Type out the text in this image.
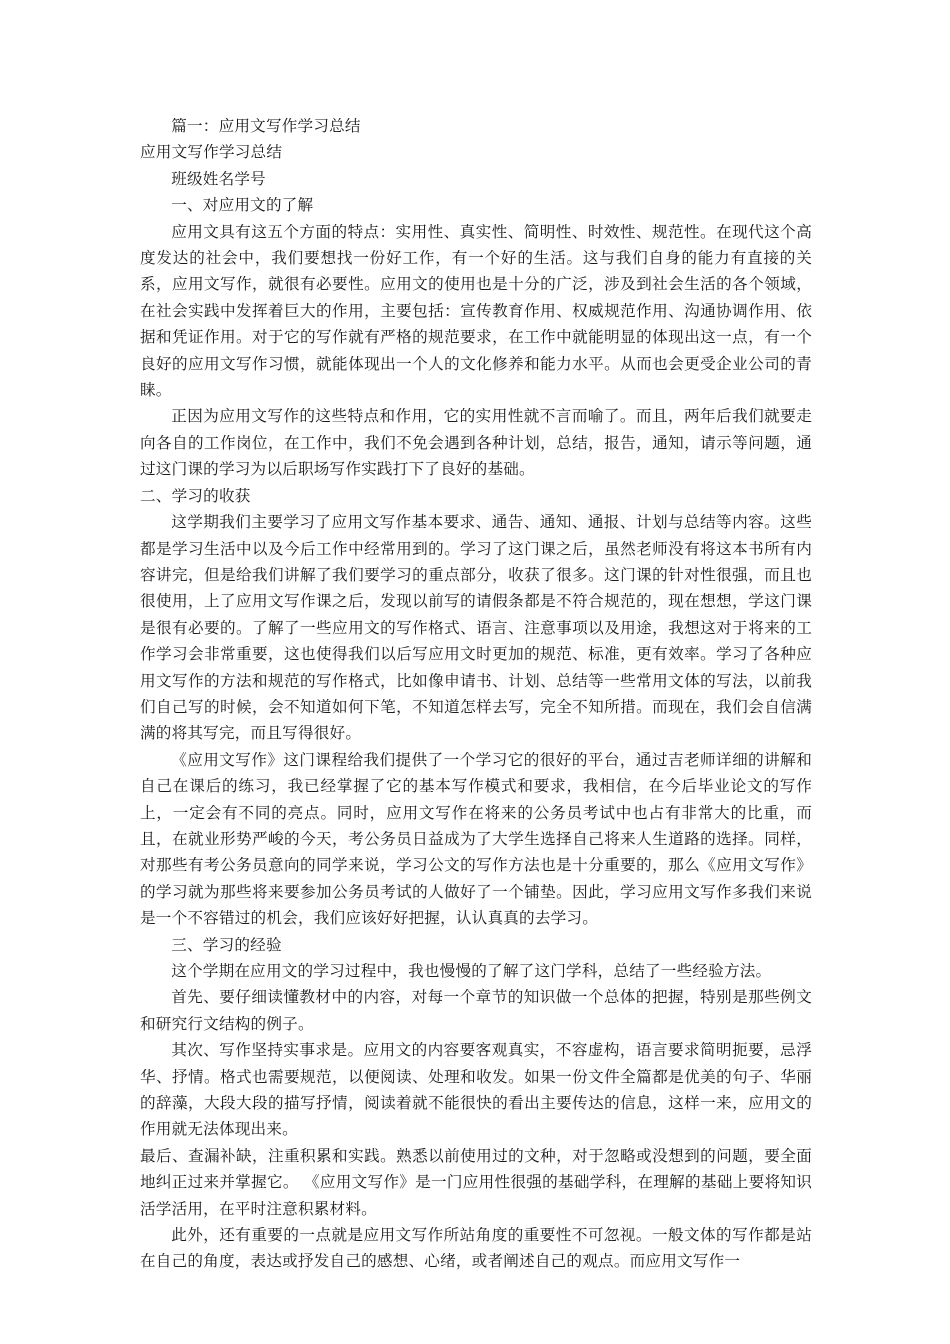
篇一：应用文写作学习总结

应用文写作学习总结

班级姓名学号

一、对应用文的了解

应用文具有这五个方面的特点：实用性、真实性、简明性、时效性、规范性。在现代这个高度发达的社会中，我们要想找一份好工作，有一个好的生活。这与我们自身的能力有直接的关系，应用文写作，就很有必要性。应用文的使用也是十分的广泛，涉及到社会生活的各个领域，在社会实践中发挥着巨大的作用，主要包括：宣传教育作用、权威规范作用、沟通协调作用、依据和凭证作用。对于它的写作就有严格的规范要求，在工作中就能明显的体现出这一点，有一个良好的应用文写作习惯，就能体现出一个人的文化修养和能力水平。从而也会更受企业公司的青睐。

正因为应用文写作的这些特点和作用，它的实用性就不言而喻了。而且，两年后我们就要走向各自的工作岗位，在工作中，我们不免会遇到各种计划，总结，报告，通知，请示等问题，通过这门课的学习为以后职场写作实践打下了良好的基础。

二、学习的收获

这学期我们主要学习了应用文写作基本要求、通告、通知、通报、计划与总结等内容。这些都是学习生活中以及今后工作中经常用到的。学习了这门课之后，虽然老师没有将这本书所有内容讲完，但是给我们讲解了我们要学习的重点部分，收获了很多。这门课的针对性很强，而且也很使用，上了应用文写作课之后，发现以前写的请假条都是不符合规范的，现在想想，学这门课是很有必要的。了解了一些应用文的写作格式、语言、注意事项以及用途，我想这对于将来的工作学习会非常重要，这也使得我们以后写应用文时更加的规范、标准，更有效率。学习了各种应用文写作的方法和规范的写作格式，比如像申请书、计划、总结等一些常用文体的写法，以前我们自己写的时候，会不知道如何下笔，不知道怎样去写，完全不知所措。而现在，我们会自信满满的将其写完，而且写得很好。

《应用文写作》这门课程给我们提供了一个学习它的很好的平台，通过吉老师详细的讲解和自己在课后的练习，我已经掌握了它的基本写作模式和要求，我相信，在今后毕业论文的写作上，一定会有不同的亮点。同时，应用文写作在将来的公务员考试中也占有非常大的比重，而且，在就业形势严峻的今天，考公务员日益成为了大学生选择自己将来人生道路的选择。同样，对那些有考公务员意向的同学来说，学习公文的写作方法也是十分重要的，那么《应用文写作》的学习就为那些将来要参加公务员考试的人做好了一个铺垫。因此，学习应用文写作多我们来说是一个不容错过的机会，我们应该好好把握，认认真真的去学习。

三、学习的经验

这个学期在应用文的学习过程中，我也慢慢的了解了这门学科，总结了一些经验方法。

首先、要仔细读懂教材中的内容，对每一个章节的知识做一个总体的把握，特别是那些例文和研究行文结构的例子。

其次、写作坚持实事求是。应用文的内容要客观真实，不容虚构，语言要求简明扼要，忌浮华、抒情。格式也需要规范，以便阅读、处理和收发。如果一份文件全篇都是优美的句子、华丽的辞藻，大段大段的描写抒情，阅读着就不能很快的看出主要传达的信息，这样一来，应用文的作用就无法体现出来。

最后、查漏补缺，注重积累和实践。熟悉以前使用过的文种，对于忽略或没想到的问题，要全面地纠正过来并掌握它。 《应用文写作》是一门应用性很强的基础学科，在理解的基础上要将知识活学活用，在平时注意积累材料。

此外，还有重要的一点就是应用文写作所站角度的重要性不可忽视。一般文体的写作都是站在自己的角度，表达或抒发自己的感想、心绪，或者阐述自己的观点。而应用文写作一
